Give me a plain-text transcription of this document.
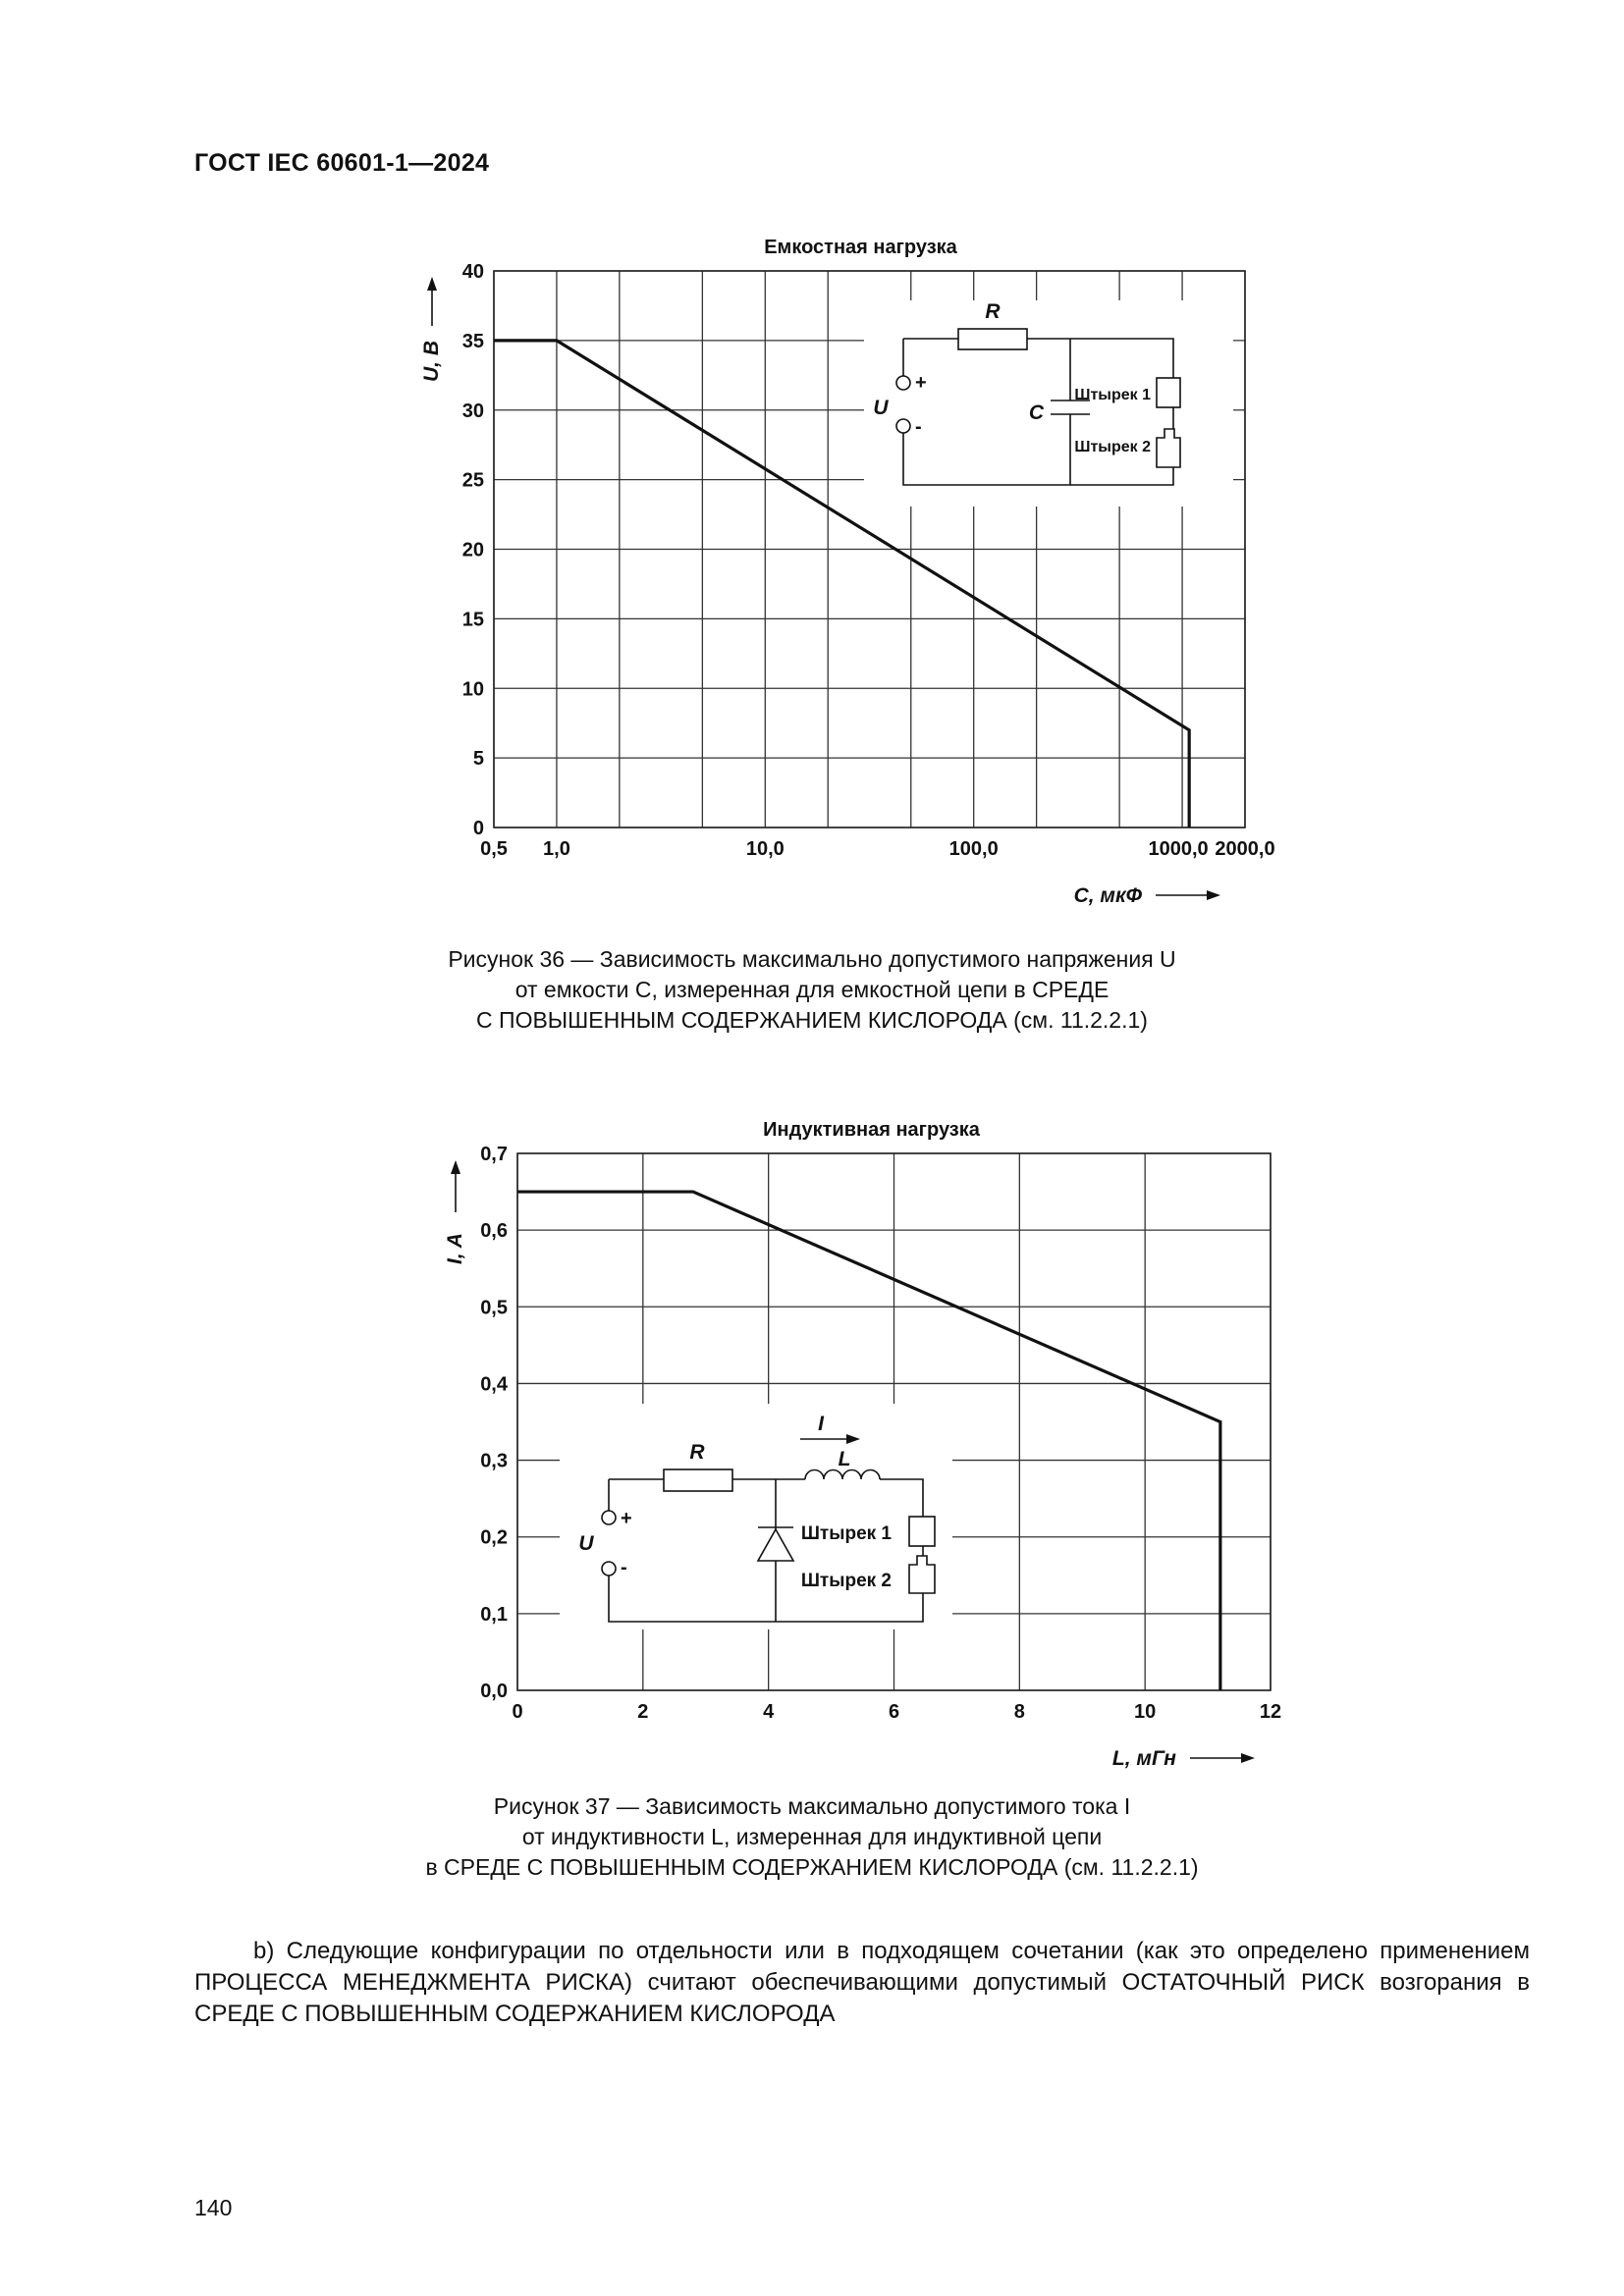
ГОСТ IEC 60601-1—2024
Емкостная нагрузка
0
5
10
15
20
25
30
35
40
0,5 1,0	10,0	100,0	1000,0 2000,0
U, В
C, мкФ
R
C
U
+
-
Штырек 1
Штырек 2
Рисунок 36 — Зависимость максимально допустимого напряжения U
от емкости C, измеренная для емкостной цепи в СРЕДЕ
С ПОВЫШЕННЫМ СОДЕРЖАНИЕМ КИСЛОРОДА (см. 11.2.2.1)
Индуктивная нагрузка
0,0
0,1
0,2
0,3
0,4
0,5
0,6
0,7
0	2	4	6	8	10	12
I, A
L, мГн
R	L
I
U
+
-
Штырек 1
Штырек 2
Рисунок 37 — Зависимость максимально допустимого тока I
от индуктивности L, измеренная для индуктивной цепи
в СРЕДЕ С ПОВЫШЕННЫМ СОДЕРЖАНИЕМ КИСЛОРОДА (см. 11.2.2.1)
b) Следующие конфигурации по отдельности или в подходящем сочетании (как это определено применением ПРОЦЕССА МЕНЕДЖМЕНТА РИСКА) считают обеспечивающими допустимый ОСТАТОЧНЫЙ РИСК возгорания в СРЕДЕ С ПОВЫШЕННЫМ СОДЕРЖАНИЕМ КИСЛОРОДА
140
